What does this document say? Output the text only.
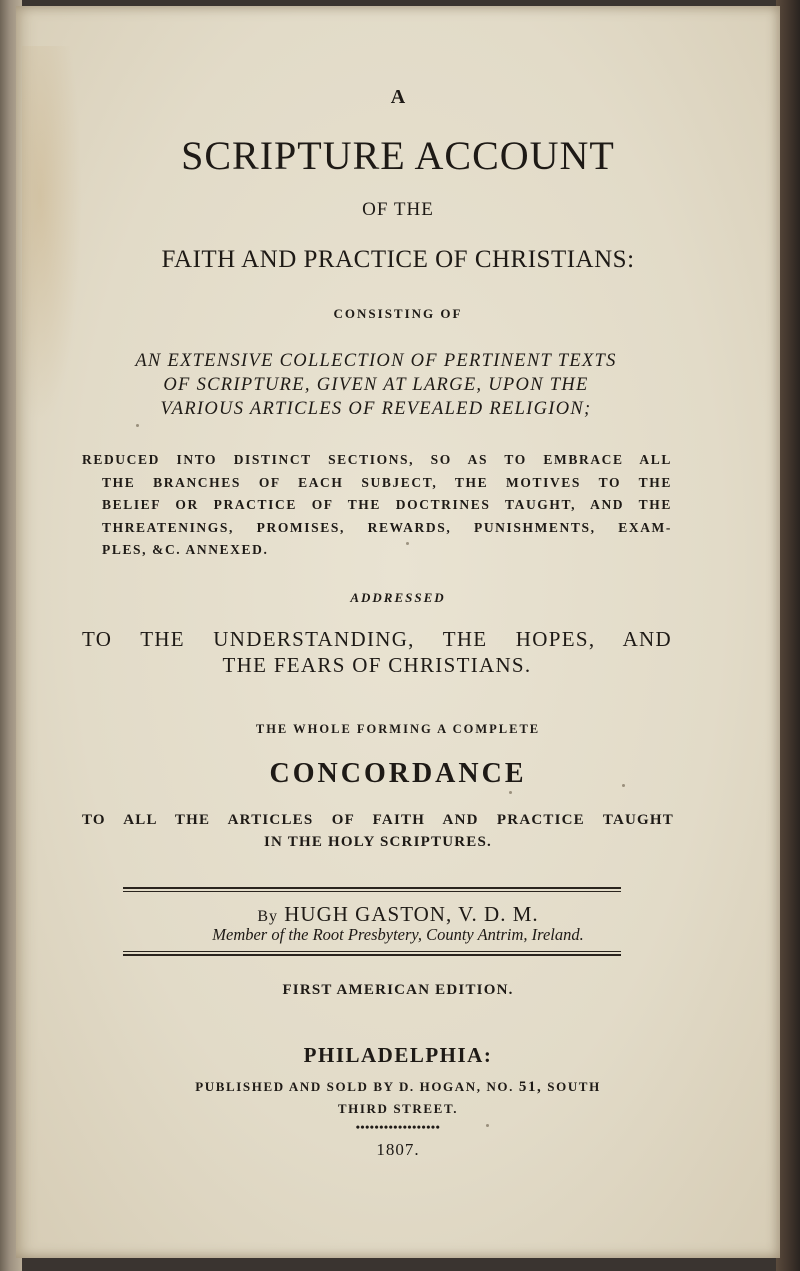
A
SCRIPTURE ACCOUNT
OF THE
FAITH AND PRACTICE OF CHRISTIANS:
CONSISTING OF
AN EXTENSIVE COLLECTION OF PERTINENT TEXTS
OF SCRIPTURE, GIVEN AT LARGE, UPON THE
VARIOUS ARTICLES OF REVEALED RELIGION;
REDUCED INTO DISTINCT SECTIONS, SO AS TO EMBRACE ALL
THE BRANCHES OF EACH SUBJECT, THE MOTIVES TO THE
BELIEF OR PRACTICE OF THE DOCTRINES TAUGHT, AND THE
THREATENINGS, PROMISES, REWARDS, PUNISHMENTS, EXAM-
PLES, &C. ANNEXED.
ADDRESSED
TO THE UNDERSTANDING, THE HOPES, AND
THE FEARS OF CHRISTIANS.
THE WHOLE FORMING A COMPLETE
CONCORDANCE
TO ALL THE ARTICLES OF FAITH AND PRACTICE TAUGHT
IN THE HOLY SCRIPTURES.
By HUGH GASTON, V. D. M.
Member of the Root Presbytery, County Antrim, Ireland.
FIRST AMERICAN EDITION.
PHILADELPHIA:
PUBLISHED AND SOLD BY D. HOGAN, NO. 51, SOUTH
THIRD STREET.
••••••••••••••••••
1807.
